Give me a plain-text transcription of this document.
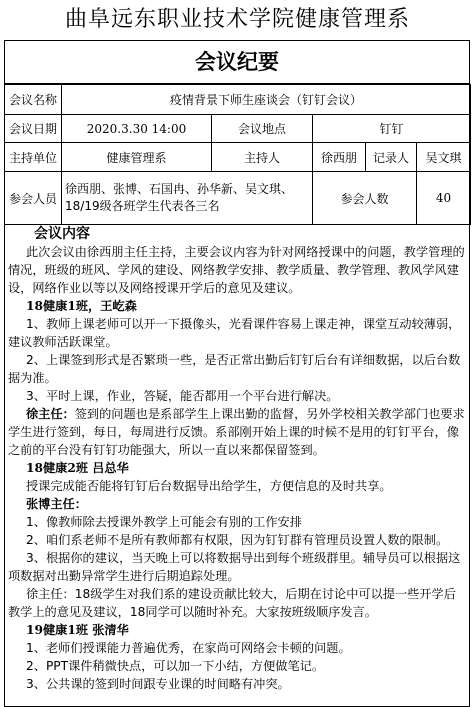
曲阜远东职业技术学院健康管理系
会议纪要
会议名称	疫情背景下师生座谈会（钉钉会议）				
会议日期	2020.3.30 14:00	会议地点	钉钉		
主持单位	健康管理系	主持人	徐西朋	记录人	吴文琪
参会人员	徐西朋、张博、石国冉、孙华新、吴文琪、18/19级各班学生代表各三名		参会人数		40
会议内容

此次会议由徐西朋主任主持，主要会议内容为针对网络授课中的问题，教学管理的情况，班级的班风、学风的建设、网络教学安排、教学质量、教学管理、教风学风建设，网络作业以等以及网络授课开学后的意见及建议。

18健康1班，王屹森

1、教师上课老师可以开一下摄像头，光看课件容易上课走神，课堂互动较薄弱，建议教师活跃课堂。

2、上课签到形式是否繁琐一些，是否正常出勤后钉钉后台有详细数据，以后台数据为准。

3、平时上课，作业，答疑，能否都用一个平台进行解决。

徐主任：签到的问题也是系部学生上课出勤的监督，另外学校相关教学部门也要求学生进行签到，每日，每周进行反馈。系部刚开始上课的时候不是用的钉钉平台，像之前的平台没有钉钉功能强大，所以一直以来都保留签到。

18健康2班 吕总华

授课完成能否能将钉钉后台数据导出给学生，方便信息的及时共享。

张博主任：

1、像教师除去授课外教学上可能会有别的工作安排

2、咱们系老师不是所有教师都有权限，因为钉钉群有管理员设置人数的限制。

3、根据你的建议，当天晚上可以将数据导出到每个班级群里。辅导员可以根据这项数据对出勤异常学生进行后期追踪处理。

徐主任：18级学生对我们系的建设贡献比较大，后期在讨论中可以提一些开学后教学上的意见及建议，18同学可以随时补充。大家按班级顺序发言。

19健康1班 张清华

1、老师们授课能力普遍优秀，在家尚可网络会卡顿的问题。

2、PPT课件稍微快点，可以加一下小结，方便做笔记。

3、公共课的签到时间跟专业课的时间略有冲突。
